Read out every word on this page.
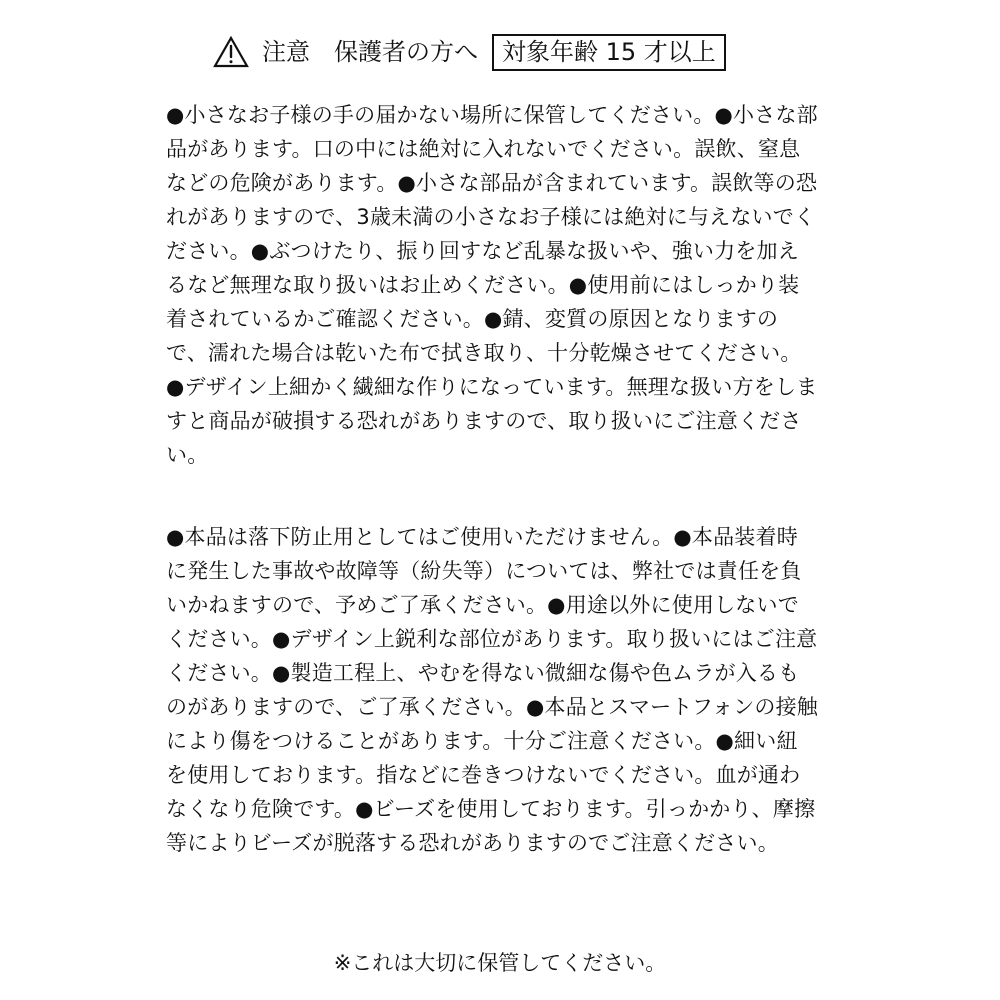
注意 保護者の方へ	対象年齢 15 才以上

●小さなお子様の手の届かない場所に保管してください。●小さな部品があります。口の中には絶対に入れないでください。誤飲、窒息などの危険があります。●小さな部品が含まれています。誤飲等の恐れがありますので、3歳未満の小さなお子様には絶対に与えないでください。●ぶつけたり、振り回すなど乱暴な扱いや、強い力を加えるなど無理な取り扱いはお止めください。●使用前にはしっかり装着されているかご確認ください。●錆、変質の原因となりますので、濡れた場合は乾いた布で拭き取り、十分乾燥させてください。●デザイン上細かく繊細な作りになっています。無理な扱い方をしますと商品が破損する恐れがありますので、取り扱いにご注意ください。

●本品は落下防止用としてはご使用いただけません。●本品装着時に発生した事故や故障等（紛失等）については、弊社では責任を負いかねますので、予めご了承ください。●用途以外に使用しないでください。●デザイン上鋭利な部位があります。取り扱いにはご注意ください。●製造工程上、やむを得ない微細な傷や色ムラが入るものがありますので、ご了承ください。●本品とスマートフォンの接触により傷をつけることがあります。十分ご注意ください。●細い紐を使用しております。指などに巻きつけないでください。血が通わなくなり危険です。●ビーズを使用しております。引っかかり、摩擦等によりビーズが脱落する恐れがありますのでご注意ください。

※これは大切に保管してください。
